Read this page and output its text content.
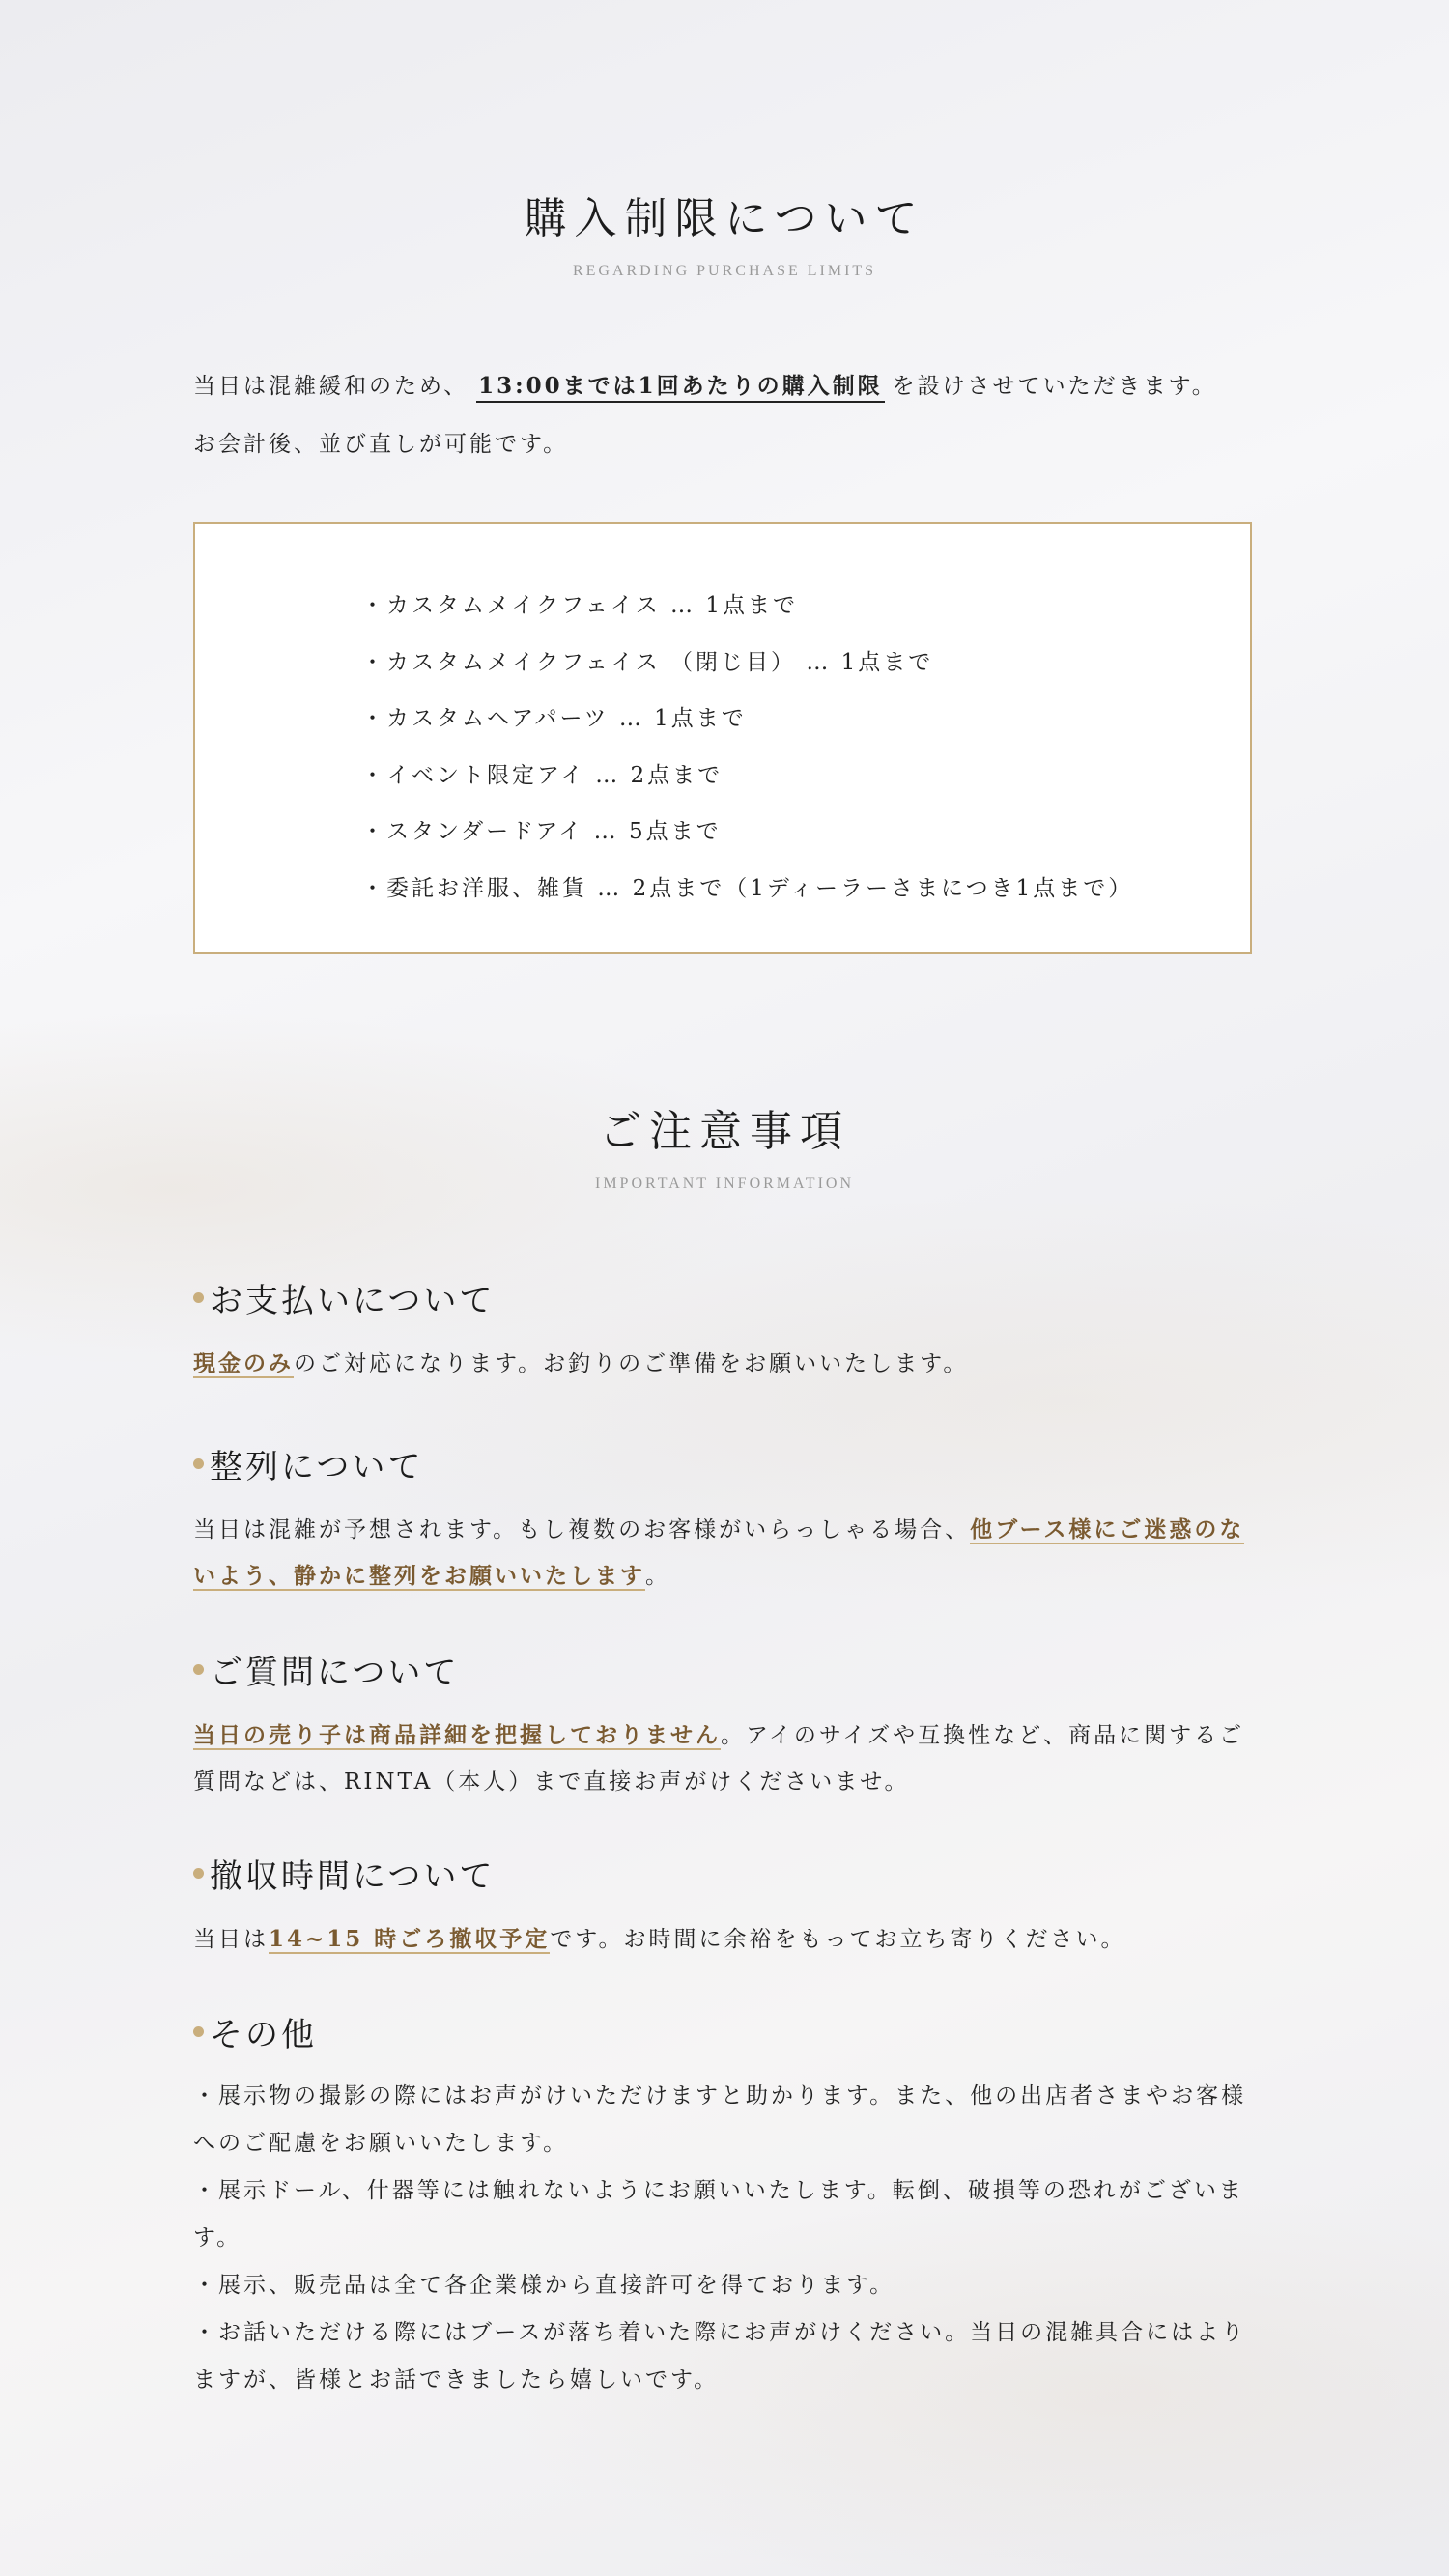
購入制限について
REGARDING PURCHASE LIMITS
当日は混雑緩和のため、 13:00までは1回あたりの購入制限 を設けさせていただきます。
お会計後、並び直しが可能です。
・カスタムメイクフェイス … 1点まで
・カスタムメイクフェイス （閉じ目） … 1点まで
・カスタムヘアパーツ … 1点まで
・イベント限定アイ … 2点まで
・スタンダードアイ … 5点まで
・委託お洋服、雑貨 … 2点まで（1ディーラーさまにつき1点まで）
ご注意事項
IMPORTANT INFORMATION
お支払いについて
現金のみのご対応になります。お釣りのご準備をお願いいたします。
整列について
当日は混雑が予想されます。もし複数のお客様がいらっしゃる場合、他ブース様にご迷惑のないよう、静かに整列をお願いいたします。
ご質問について
当日の売り子は商品詳細を把握しておりません。アイのサイズや互換性など、商品に関するご質問などは、RINTA（本人）まで直接お声がけくださいませ。
撤収時間について
当日は14~15 時ごろ撤収予定です。お時間に余裕をもってお立ち寄りください。
その他

・展示物の撮影の際にはお声がけいただけますと助かります。また、他の出店者さまやお客様へのご配慮をお願いいたします。

・展示ドール、什器等には触れないようにお願いいたします。転倒、破損等の恐れがございます。

・展示、販売品は全て各企業様から直接許可を得ております。

・お話いただける際にはブースが落ち着いた際にお声がけください。当日の混雑具合にはよりますが、皆様とお話できましたら嬉しいです。
